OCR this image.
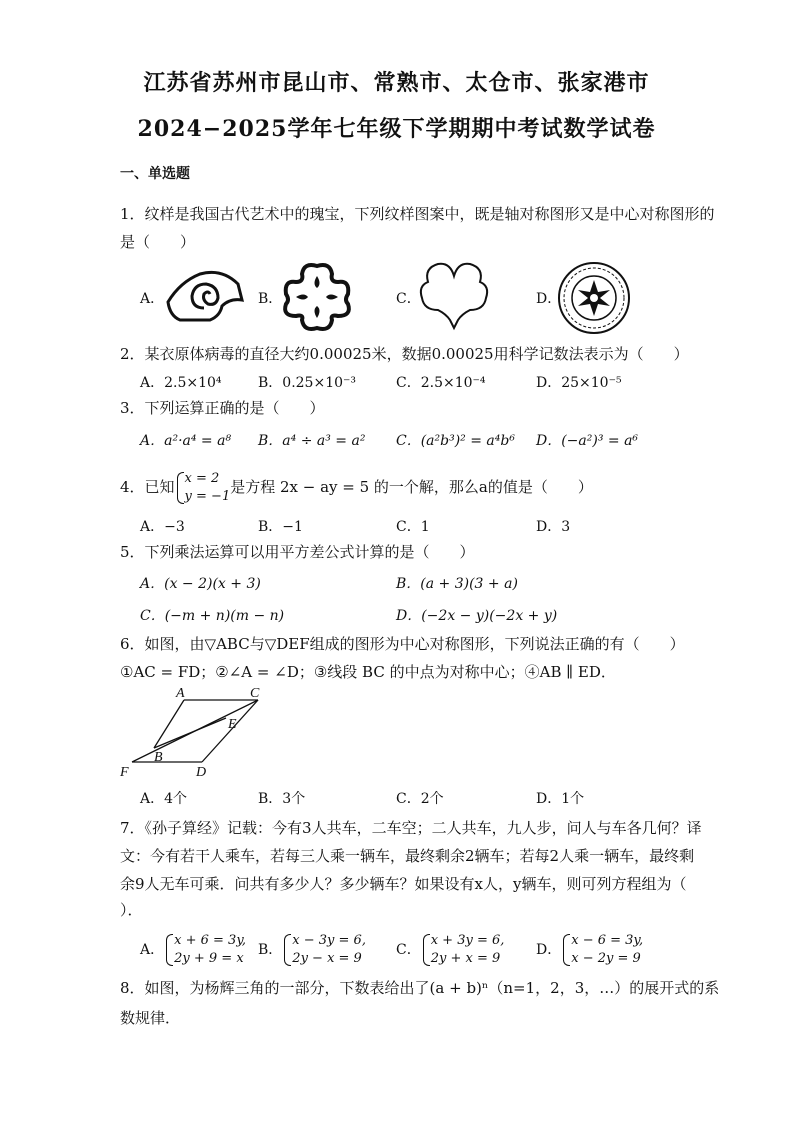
江苏省苏州市昆山市、常熟市、太仓市、张家港市
2024−2025学年七年级下学期期中考试数学试卷
一、单选题
1．纹样是我国古代艺术中的瑰宝，下列纹样图案中，既是轴对称图形又是中心对称图形的
是（　　）
A．	B．	C．	D．
2．某衣原体病毒的直径大约0.00025米，数据0.00025用科学记数法表示为（　　）
A．2.5×10⁴	B．0.25×10⁻³	C．2.5×10⁻⁴	D．25×10⁻⁵
3．下列运算正确的是（　　）
A．a²·a⁴ = a⁸ B．a⁴ ÷ a³ = a² C．(a²b³)² = a⁴b⁶ D．(−a²)³ = a⁶
4．已知 x = 2
y = −1
是方程 2x − ay = 5 的一个解，那么a的值是（　　）
A．−3	B．−1	C．1	D．3
5．下列乘法运算可以用平方差公式计算的是（　　）
A．(x − 2)(x + 3)	B．(a + 3)(3 + a)
C．(−m + n)(m − n)	D．(−2x − y)(−2x + y)
6．如图，由▽ABC与▽DEF组成的图形为中心对称图形，下列说法正确的有（　　）
①AC = FD；②∠A = ∠D；③线段 BC 的中点为对称中心；④AB ∥ ED．
A	C
E
B
F	D
A．4个	B．3个	C．2个	D．1个
7．《孙子算经》记载：今有3人共车，二车空；二人共车，九人步，问人与车各几何？译
文：今有若干人乘车，若每三人乘一辆车，最终剩余2辆车；若每2人乘一辆车，最终剩
余9人无车可乘．问共有多少人？多少辆车？如果设有x人，y辆车，则可列方程组为（
）．
A．
x + 6 = 3y,
2y + 9 = x
B．
x − 3y = 6,
2y − x = 9
C．
x + 3y = 6,
2y + x = 9
D．
x − 6 = 3y,
x − 2y = 9
8．如图，为杨辉三角的一部分，下数表给出了(a + b)ⁿ（n=1，2，3，…）的展开式的系
数规律．
